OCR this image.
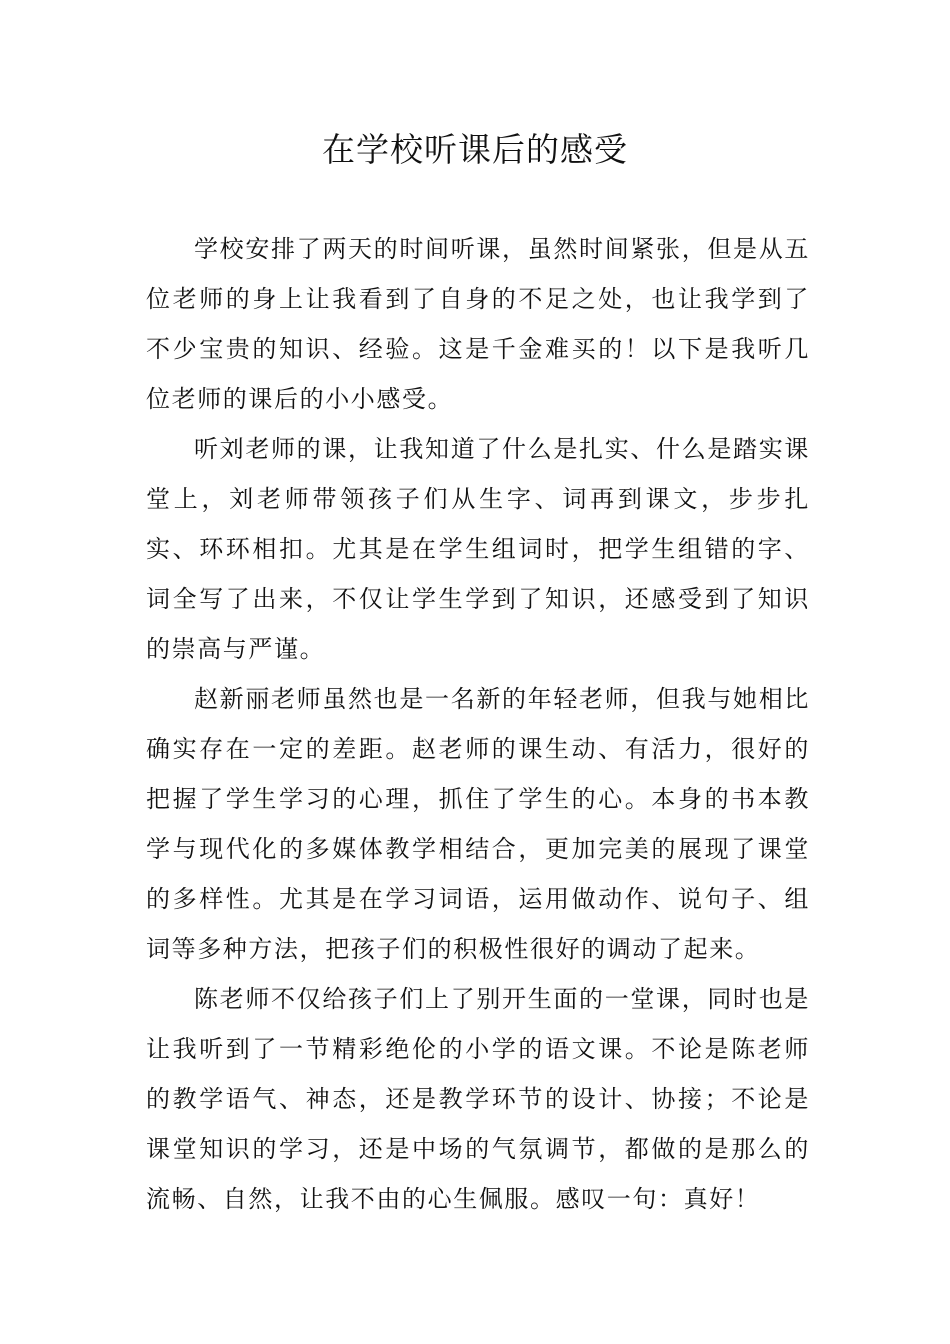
在学校听课后的感受

学校安排了两天的时间听课，虽然时间紧张，但是从五位老师的身上让我看到了自身的不足之处，也让我学到了不少宝贵的知识、经验。这是千金难买的！以下是我听几位老师的课后的小小感受。

听刘老师的课，让我知道了什么是扎实、什么是踏实课堂上，刘老师带领孩子们从生字、词再到课文，步步扎实、环环相扣。尤其是在学生组词时，把学生组错的字、词全写了出来，不仅让学生学到了知识，还感受到了知识的崇高与严谨。

赵新丽老师虽然也是一名新的年轻老师，但我与她相比确实存在一定的差距。赵老师的课生动、有活力，很好的把握了学生学习的心理，抓住了学生的心。本身的书本教学与现代化的多媒体教学相结合，更加完美的展现了课堂的多样性。尤其是在学习词语，运用做动作、说句子、组词等多种方法，把孩子们的积极性很好的调动了起来。

陈老师不仅给孩子们上了别开生面的一堂课，同时也是让我听到了一节精彩绝伦的小学的语文课。不论是陈老师的教学语气、神态，还是教学环节的设计、协接；不论是课堂知识的学习，还是中场的气氛调节，都做的是那么的流畅、自然，让我不由的心生佩服。感叹一句：真好！
